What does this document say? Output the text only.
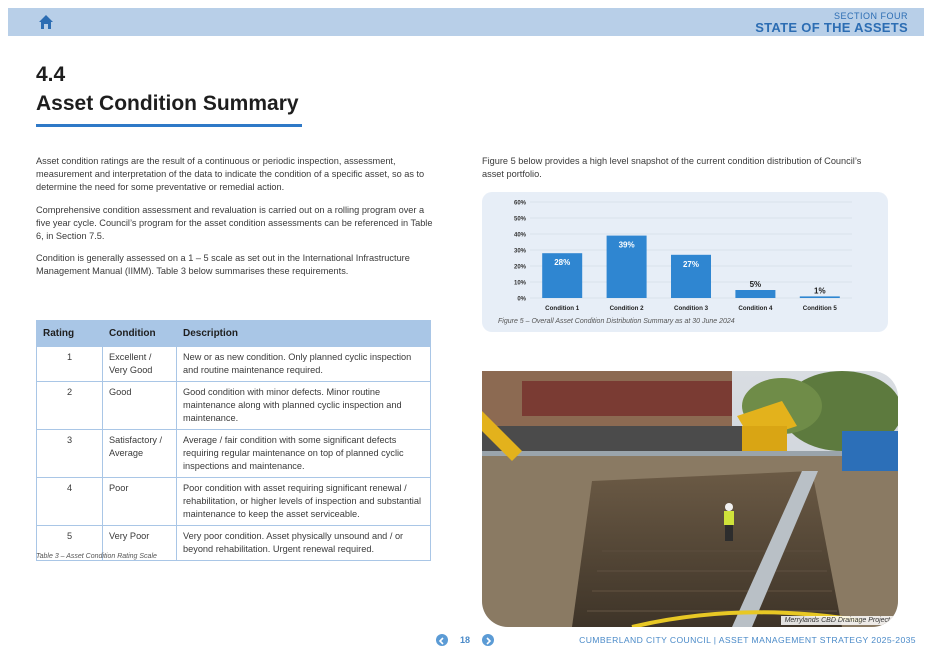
SECTION FOUR
STATE OF THE ASSETS
4.4
Asset Condition Summary

Asset condition ratings are the result of a continuous or periodic inspection, assessment, measurement and interpretation of the data to indicate the condition of a specific asset, so as to determine the need for some preventative or remedial action.

Comprehensive condition assessment and revaluation is carried out on a rolling program over a five year cycle. Council’s program for the asset condition assessments can be referenced in Table 6, in Section 7.5.

Condition is generally assessed on a 1 – 5 scale as set out in the International Infrastructure Management Manual (IIMM). Table 3 below summarises these requirements.

Rating	Condition	Description
1	Excellent / Very Good	New or as new condition. Only planned cyclic inspection and routine maintenance required.
2	Good	Good condition with minor defects. Minor routine maintenance along with planned cyclic inspection and maintenance.
3	Satisfactory / Average	Average / fair condition with some significant defects requiring regular maintenance on top of planned cyclic inspections and maintenance.
4	Poor	Poor condition with asset requiring significant renewal / rehabilitation, or higher levels of inspection and substantial maintenance to keep the asset serviceable.
5	Very Poor	Very poor condition. Asset physically unsound and / or beyond rehabilitation. Urgent renewal required.
Table 3 – Asset Condition Rating Scale

Figure 5 below provides a high level snapshot of the current condition distribution of Council’s asset portfolio.

0%
10%
20%
30%
40%
50%
60%
28%
Condition 1
39%
Condition 2
27%
Condition 3
5%
Condition 4
1%
Condition 5
Figure 5 – Overall Asset Condition Distribution Summary as at 30 June 2024
Merrylands CBD Drainage Project
18	CUMBERLAND CITY COUNCIL | ASSET MANAGEMENT STRATEGY 2025-2035
